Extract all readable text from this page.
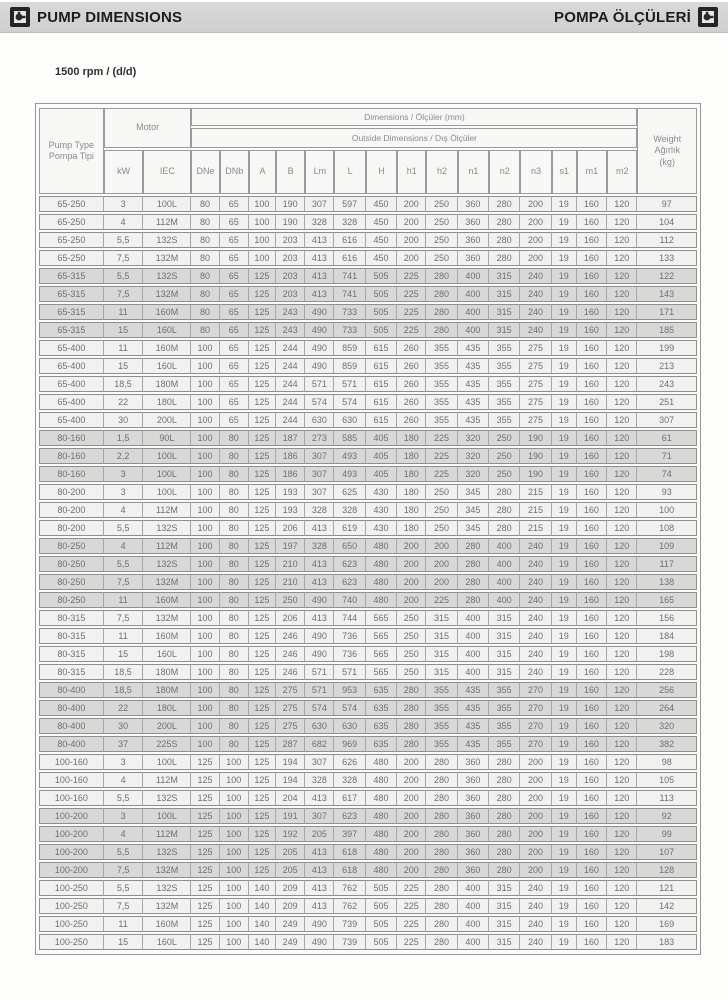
PUMP DIMENSIONS	POMPA ÖLÇÜLERİ
1500 rpm / (d/d)
Pump Type
Pompa Tipi	Motor		Dimensions / Ölçüler (mm)															Weight
Ağırlık
(kg)
			Outside Dimensions / Dış Ölçüler															
	kW	IEC	DNe	DNb	A	B	Lm	L	H	h1	h2	n1	n2	n3	s1	m1	m2	
65-250	3	100L	80	65	100	190	307	597	450	200	250	360	280	200	19	160	120	97
65-250	4	112M	80	65	100	190	328	328	450	200	250	360	280	200	19	160	120	104
65-250	5,5	132S	80	65	100	203	413	616	450	200	250	360	280	200	19	160	120	112
65-250	7,5	132M	80	65	100	203	413	616	450	200	250	360	280	200	19	160	120	133
65-315	5,5	132S	80	65	125	203	413	741	505	225	280	400	315	240	19	160	120	122
65-315	7,5	132M	80	65	125	203	413	741	505	225	280	400	315	240	19	160	120	143
65-315	11	160M	80	65	125	243	490	733	505	225	280	400	315	240	19	160	120	171
65-315	15	160L	80	65	125	243	490	733	505	225	280	400	315	240	19	160	120	185
65-400	11	160M	100	65	125	244	490	859	615	260	355	435	355	275	19	160	120	199
65-400	15	160L	100	65	125	244	490	859	615	260	355	435	355	275	19	160	120	213
65-400	18,5	180M	100	65	125	244	571	571	615	260	355	435	355	275	19	160	120	243
65-400	22	180L	100	65	125	244	574	574	615	260	355	435	355	275	19	160	120	251
65-400	30	200L	100	65	125	244	630	630	615	260	355	435	355	275	19	160	120	307
80-160	1,5	90L	100	80	125	187	273	585	405	180	225	320	250	190	19	160	120	61
80-160	2,2	100L	100	80	125	186	307	493	405	180	225	320	250	190	19	160	120	71
80-160	3	100L	100	80	125	186	307	493	405	180	225	320	250	190	19	160	120	74
80-200	3	100L	100	80	125	193	307	625	430	180	250	345	280	215	19	160	120	93
80-200	4	112M	100	80	125	193	328	328	430	180	250	345	280	215	19	160	120	100
80-200	5,5	132S	100	80	125	206	413	619	430	180	250	345	280	215	19	160	120	108
80-250	4	112M	100	80	125	197	328	650	480	200	200	280	400	240	19	160	120	109
80-250	5,5	132S	100	80	125	210	413	623	480	200	200	280	400	240	19	160	120	117
80-250	7,5	132M	100	80	125	210	413	623	480	200	200	280	400	240	19	160	120	138
80-250	11	160M	100	80	125	250	490	740	480	200	225	280	400	240	19	160	120	165
80-315	7,5	132M	100	80	125	206	413	744	565	250	315	400	315	240	19	160	120	156
80-315	11	160M	100	80	125	246	490	736	565	250	315	400	315	240	19	160	120	184
80-315	15	160L	100	80	125	246	490	736	565	250	315	400	315	240	19	160	120	198
80-315	18,5	180M	100	80	125	246	571	571	565	250	315	400	315	240	19	160	120	228
80-400	18,5	180M	100	80	125	275	571	953	635	280	355	435	355	270	19	160	120	256
80-400	22	180L	100	80	125	275	574	574	635	280	355	435	355	270	19	160	120	264
80-400	30	200L	100	80	125	275	630	630	635	280	355	435	355	270	19	160	120	320
80-400	37	225S	100	80	125	287	682	969	635	280	355	435	355	270	19	160	120	382
100-160	3	100L	125	100	125	194	307	626	480	200	280	360	280	200	19	160	120	98
100-160	4	112M	125	100	125	194	328	328	480	200	280	360	280	200	19	160	120	105
100-160	5,5	132S	125	100	125	204	413	617	480	200	280	360	280	200	19	160	120	113
100-200	3	100L	125	100	125	191	307	623	480	200	280	360	280	200	19	160	120	92
100-200	4	112M	125	100	125	192	205	397	480	200	280	360	280	200	19	160	120	99
100-200	5,5	132S	125	100	125	205	413	618	480	200	280	360	280	200	19	160	120	107
100-200	7,5	132M	125	100	125	205	413	618	480	200	280	360	280	200	19	160	120	128
100-250	5,5	132S	125	100	140	209	413	762	505	225	280	400	315	240	19	160	120	121
100-250	7,5	132M	125	100	140	209	413	762	505	225	280	400	315	240	19	160	120	142
100-250	11	160M	125	100	140	249	490	739	505	225	280	400	315	240	19	160	120	169
100-250	15	160L	125	100	140	249	490	739	505	225	280	400	315	240	19	160	120	183
